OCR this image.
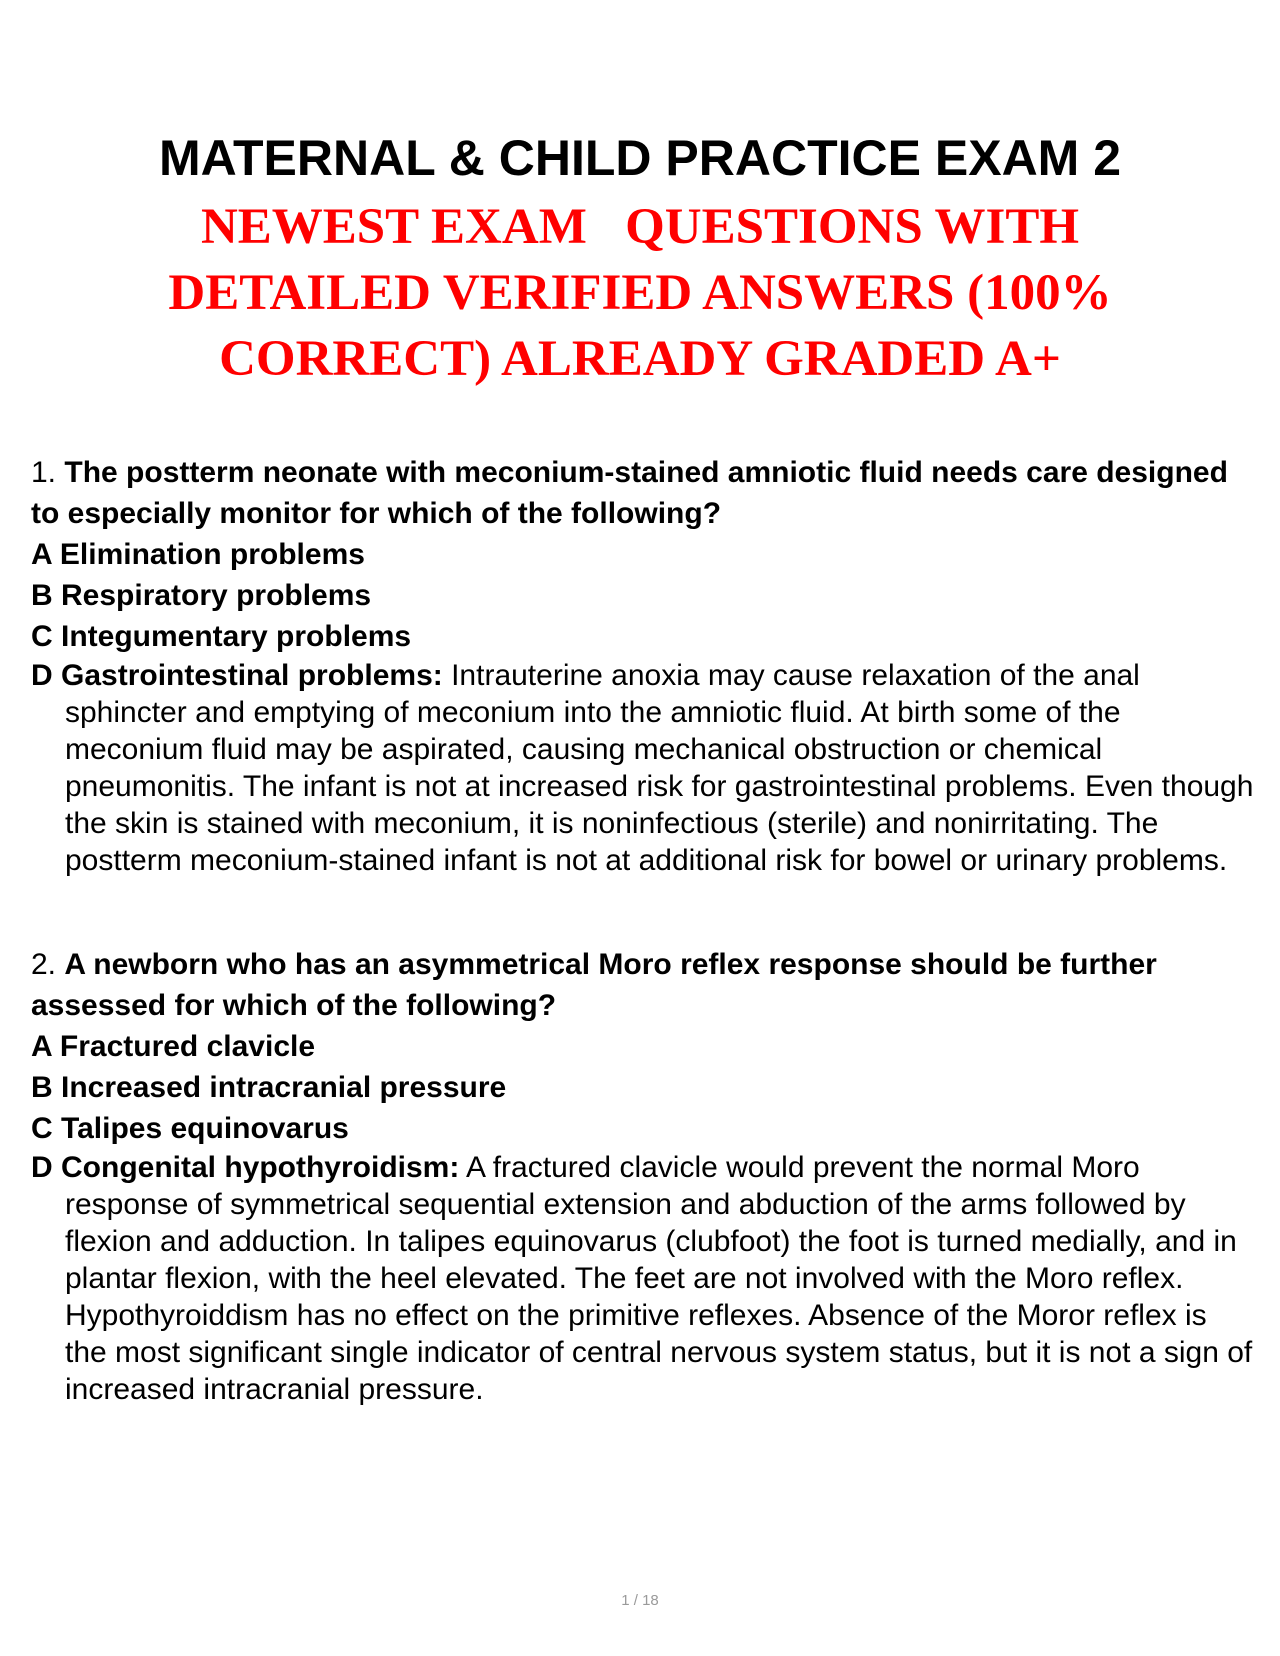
MATERNAL & CHILD PRACTICE EXAM 2
NEWEST EXAM   QUESTIONS WITH
DETAILED VERIFIED ANSWERS (100%
CORRECT) ALREADY GRADED A+

1. The postterm neonate with meconium-stained amniotic fluid needs care designed to especially monitor for which of the following?

A Elimination problems

B Respiratory problems

C Integumentary problems

D Gastrointestinal problems: Intrauterine anoxia may cause relaxation of the anal sphincter and emptying of meconium into the amniotic fluid. At birth some of the meconium fluid may be aspirated, causing mechanical obstruction or chemical pneumonitis. The infant is not at increased risk for gastrointestinal problems. Even though the skin is stained with meconium, it is noninfectious (sterile) and nonirritating. The postterm meconium-stained infant is not at additional risk for bowel or urinary problems.

2. A newborn who has an asymmetrical Moro reflex response should be further assessed for which of the following?

A Fractured clavicle

B Increased intracranial pressure

C Talipes equinovarus

D Congenital hypothyroidism: A fractured clavicle would prevent the normal Moro response of symmetrical sequential extension and abduction of the arms followed by flexion and adduction. In talipes equinovarus (clubfoot) the foot is turned medially, and in plantar flexion, with the heel elevated. The feet are not involved with the Moro reflex. Hypothyroiddism has no effect on the primitive reflexes. Absence of the Moror reflex is the most significant single indicator of central nervous system status, but it is not a sign of increased intracranial pressure.

1 / 18
